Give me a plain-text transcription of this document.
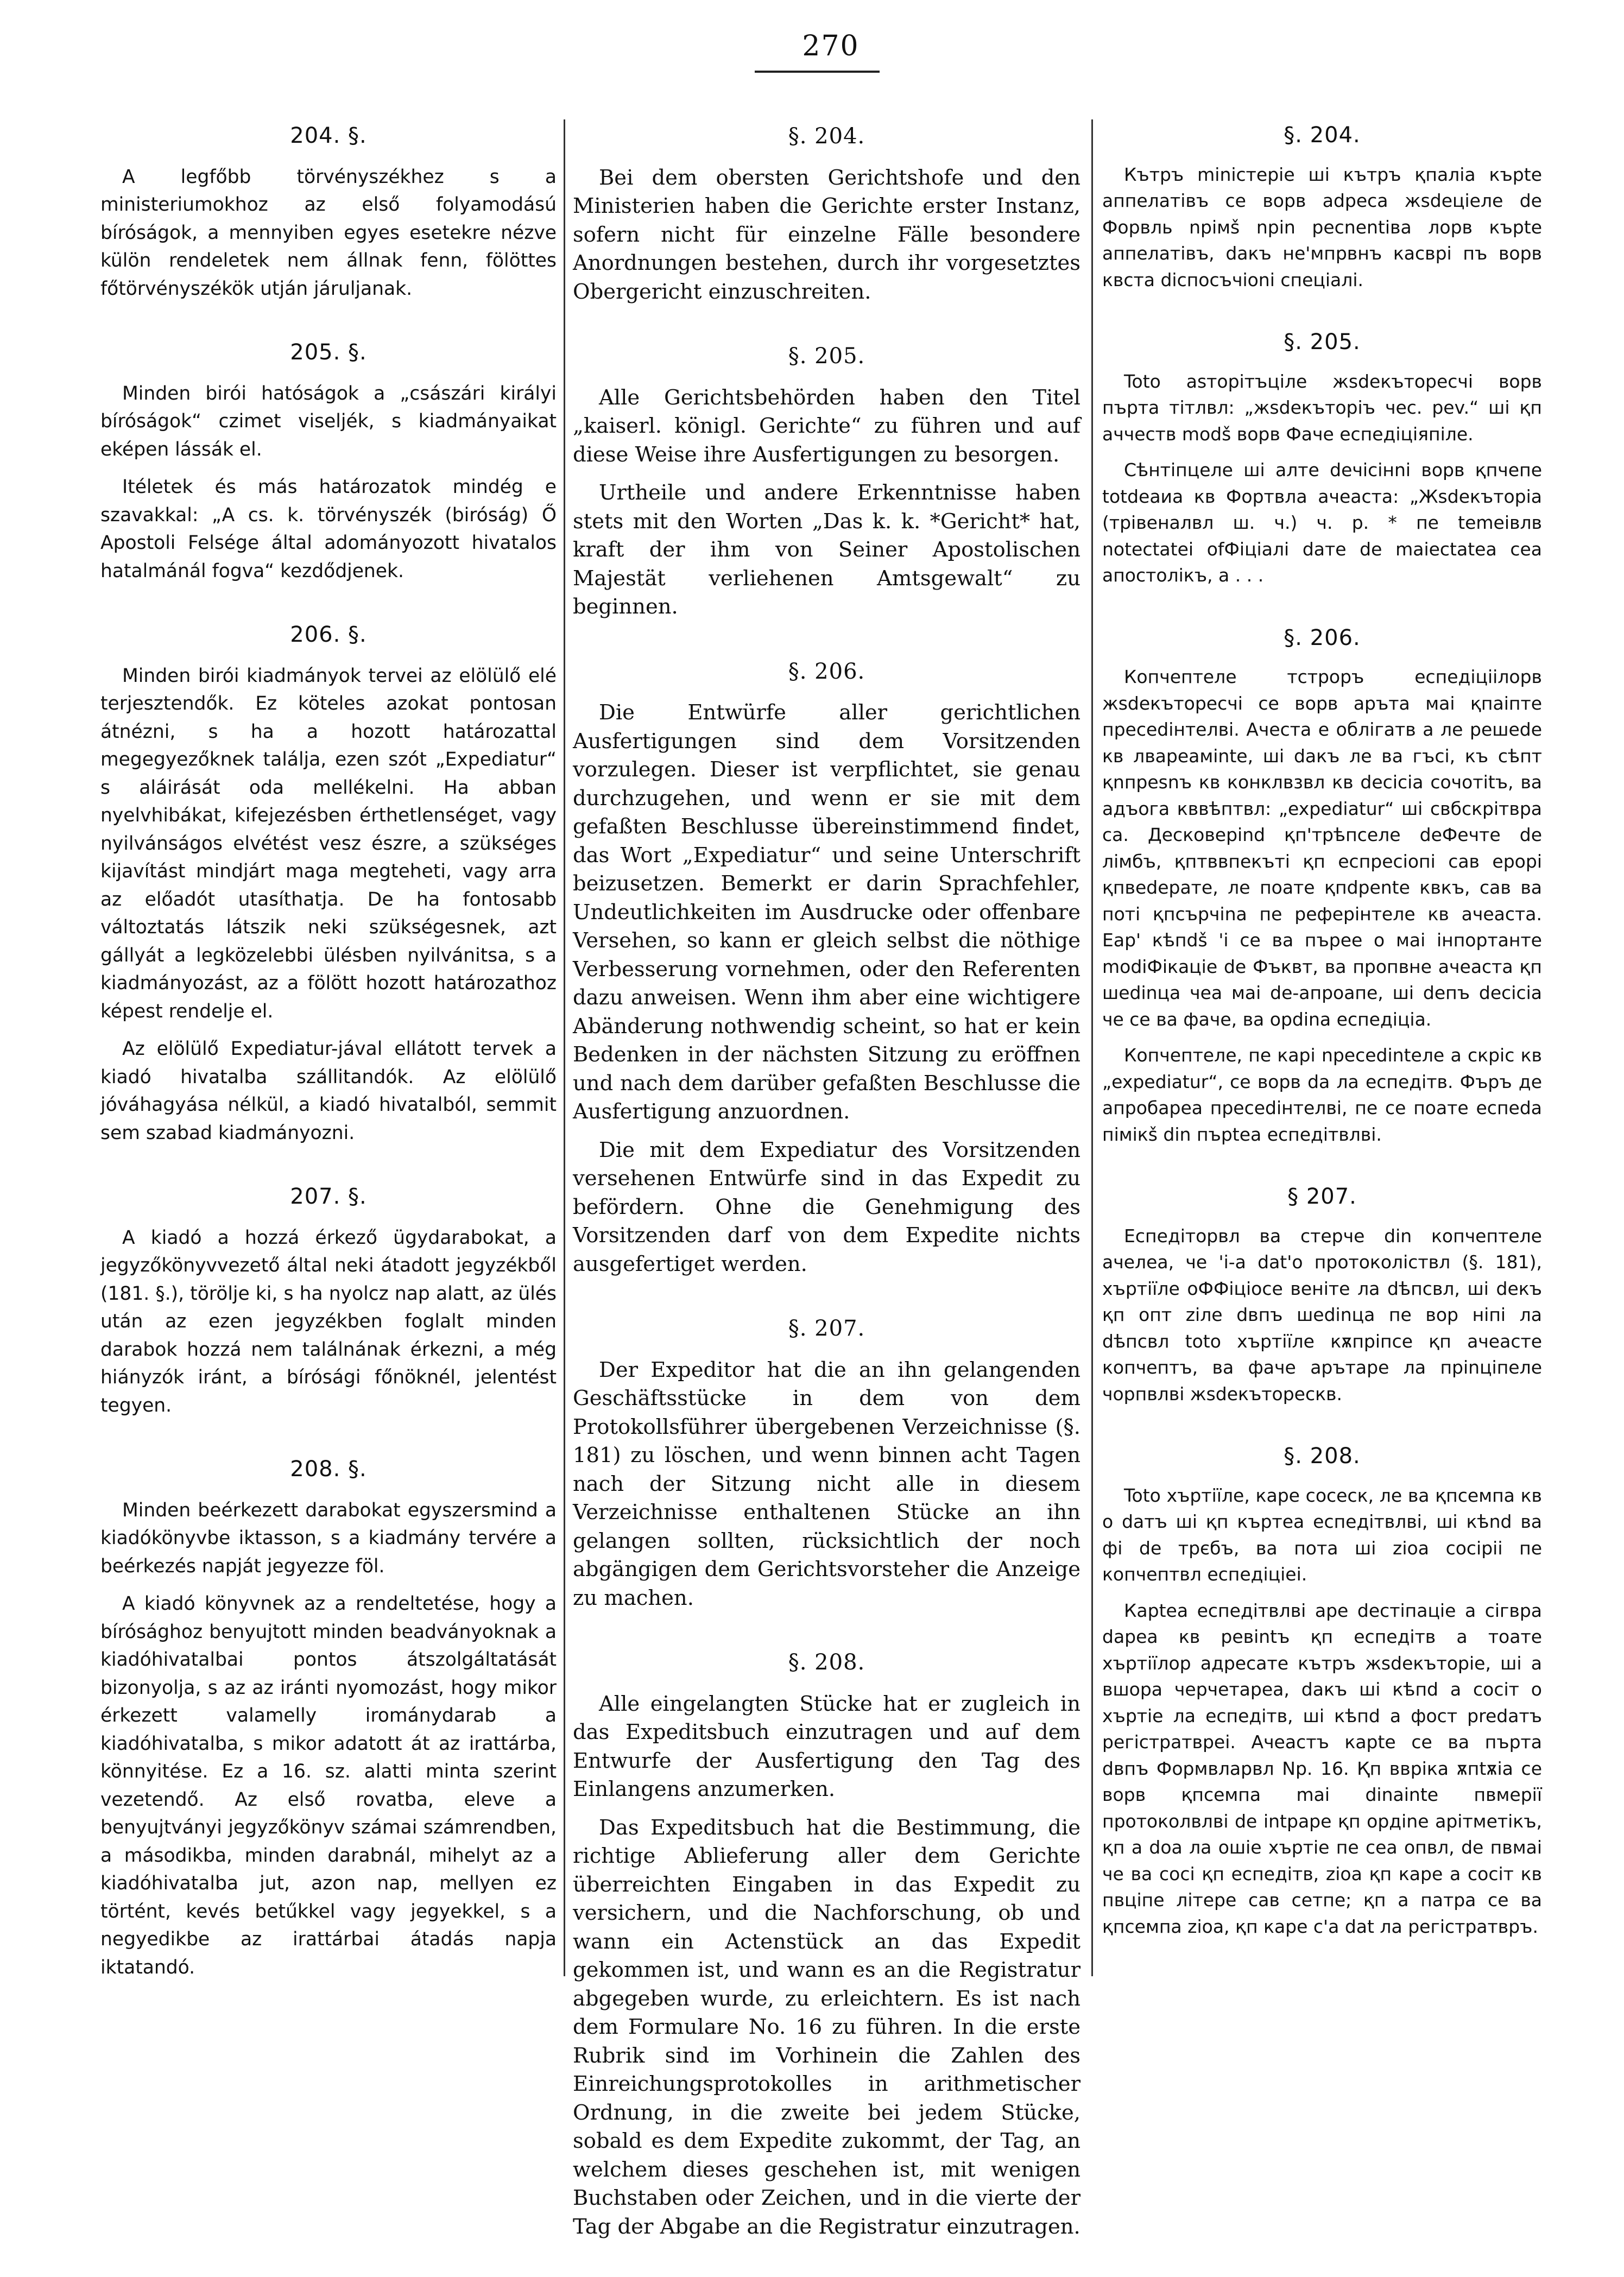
270
204. §.

A legfőbb törvényszékhez s a ministeriumokhoz az első folyamodású bíróságok, a mennyiben egyes esetekre nézve külön rendeletek nem állnak fenn, fölöttes főtörvényszékök utján járuljanak.

205. §.

Minden birói hatóságok a „császári királyi bíróságok“ czimet viseljék, s kiadmányaikat eképen lássák el.

Itéletek és más határozatok mindég e szavakkal: „A cs. k. törvényszék (biróság) Ő Apostoli Felsége által adományozott hivatalos hatalmánál fogva“ kezdődjenek.

206. §.

Minden birói kiadmányok tervei az elölülő elé terjesztendők. Ez köteles azokat pontosan átnézni, s ha a hozott határozattal megegyezőknek találja, ezen szót „Expediatur“ s aláirását oda mellékelni. Ha abban nyelvhibákat, kifejezésben érthetlenséget, vagy nyilvánságos elvétést vesz észre, a szükséges kijavítást mindjárt maga megteheti, vagy arra az előadót utasíthatja. De ha fontosabb változtatás látszik neki szükségesnek, azt gállyát a legközelebbi ülésben nyilvánitsa, s a kiadmányozást, az a fölött hozott határozathoz képest rendelje el.

Az elölülő Expediatur-jával ellátott tervek a kiadó hivatalba szállitandók. Az elölülő jóváhagyása nélkül, a kiadó hivatalból, semmit sem szabad kiadmányozni.

207. §.

A kiadó a hozzá érkező ügydarabokat, a jegyzőkönyvvezető által neki átadott jegyzékből (181. §.), törölje ki, s ha nyolcz nap alatt, az ülés után az ezen jegyzékben foglalt minden darabok hozzá nem találnának érkezni, a még hiányzók iránt, a bírósági főnöknél, jelentést tegyen.

208. §.

Minden beérkezett darabokat egyszersmind a kiadókönyvbe iktasson, s a kiadmány tervére a beérkezés napját jegyezze föl.

A kiadó könyvnek az a rendeltetése, hogy a bírósághoz benyujtott minden beadványoknak a kiadóhivatalbai pontos átszolgáltatását bizonyolja, s az az iránti nyomozást, hogy mikor érkezett valamelly irománydarab a kiadóhivatalba, s mikor adatott át az irattárba, könnyitése. Ez a 16. sz. alatti minta szerint vezetendő. Az első rovatba, eleve a benyujtványi jegyzőkönyv számai számrendben, a másodikba, minden darabnál, mihelyt az a kiadóhivatalba jut, azon nap, mellyen ez történt, kevés betűkkel vagy jegyekkel, s a negyedikbe az irattárbai átadás napja iktatandó.

§. 204.

Bei dem obersten Gerichtshofe und den Ministerien haben die Gerichte erster Instanz, sofern nicht für einzelne Fälle besondere Anordnungen bestehen, durch ihr vorgesetztes Obergericht einzuschreiten.

§. 205.

Alle Gerichtsbehörden haben den Titel „kaiserl. königl. Gerichte“ zu führen und auf diese Weise ihre Ausfertigungen zu besorgen.

Urtheile und andere Erkenntnisse haben stets mit den Worten „Das k. k. *Gericht* hat, kraft der ihm von Seiner Apostolischen Majestät verliehenen Amtsgewalt“ zu beginnen.

§. 206.

Die Entwürfe aller gerichtlichen Ausfertigungen sind dem Vorsitzenden vorzulegen. Dieser ist verpflichtet, sie genau durchzugehen, und wenn er sie mit dem gefaßten Beschlusse übereinstimmend findet, das Wort „Expediatur“ und seine Unterschrift beizusetzen. Bemerkt er darin Sprachfehler, Undeutlichkeiten im Ausdrucke oder offenbare Versehen, so kann er gleich selbst die nöthige Verbesserung vornehmen, oder den Referenten dazu anweisen. Wenn ihm aber eine wichtigere Abänderung nothwendig scheint, so hat er kein Bedenken in der nächsten Sitzung zu eröffnen und nach dem darüber gefaßten Beschlusse die Ausfertigung anzuordnen.

Die mit dem Expediatur des Vorsitzenden versehenen Entwürfe sind in das Expedit zu befördern. Ohne die Genehmigung des Vorsitzenden darf von dem Expedite nichts ausgefertiget werden.

§. 207.

Der Expeditor hat die an ihn gelangenden Geschäftsstücke in dem von dem Protokollsführer übergebenen Verzeichnisse (§. 181) zu löschen, und wenn binnen acht Tagen nach der Sitzung nicht alle in diesem Verzeichnisse enthaltenen Stücke an ihn gelangen sollten, rücksichtlich der noch abgängigen dem Gerichtsvorsteher die Anzeige zu machen.

§. 208.

Alle eingelangten Stücke hat er zugleich in das Expeditsbuch einzutragen und auf dem Entwurfe der Ausfertigung den Tag des Einlangens anzumerken.

Das Expeditsbuch hat die Bestimmung, die richtige Ablieferung aller dem Gerichte überreichten Eingaben in das Expedit zu versichern, und die Nachforschung, ob und wann ein Actenstück an das Expedit gekommen ist, und wann es an die Registratur abgegeben wurde, zu erleichtern. Es ist nach dem Formulare No. 16 zu führen. In die erste Rubrik sind im Vorhinein die Zahlen des Einreichungsprotokolles in arithmetischer Ordnung, in die zweite bei jedem Stücke, sobald es dem Expedite zukommt, der Tag, an welchem dieses geschehen ist, mit wenigen Buchstaben oder Zeichen, und in die vierte der Tag der Abgabe an die Registratur einzutragen.

§. 204.

Кътръ minicтepie ші кътръ қпаліа къpte аппелатівъ се ворв adpeca жsdеціеле de Форвль npiмš npin pecnentiвa лорв кърtе аппелатівъ, dакъ не'мпрвнъ касврі пъ ворв квста dicпocъчіоnі спецiaлi.

§. 205.

Toto аsтopiтъціле жsdeкъторесчі ворв пърта тітлвл: „жsdeкътоpiъ чес. pev.“ ші қп аччеств modš ворв Фаче еспедiціяпiле.

Сѣнтіпцеле ші алте deчiciнnі ворв қпчепе totdеаиа кв Фортвла ачеаста: „Жsdeкътоpia (трівеналвл ш. ч.) ч. р. * пе temeiвлв notectatei ofФіціалі dате de maiectatea сеа апостолікъ, а . . .

§. 206.

Копчептеле тстроръ еспедiціiлорв жsdeкъторесчі се ворв аръта маі қпаiпте пресеdiнтелвi. Ачеста е облігатв а ле решеdе кв лвареаміnte, ші dакъ ле ва гъсі, къ сѣпт қnпреsnъ кв конклвзвл кв decicia сочотіtъ, ва адъога кввѣптвл: „expediatur“ ші свбскрітвра са. Десковеріnd қп'трѣпселе deФечтe de лімбъ, қптввпекъті қп еспресіопi сав ерорi қпвеdeрате, ле поате қпdpente квкъ, сав ва поті қпсърчіna пе pефеpiнтеле кв ачеаста. Еар' кѣпdš 'і се ва пърее о маі інпортанте modiФікаціе de Фъквт, ва пропвне ачеаста қп шеdinцa чеа маі de-апроапе, ші dепъ decicia че се ва фаче, ва opdina еспедiцiа.

Копчептеле, пе каpi npecedinteле а скріс кв „expediatur“, се ворв da ла еспедiтв. Фъръ де апробарea пресеdiнтелвi, пе се поате еспеdа пiмiкš din пърtеа еспедiтвлвi.

§ 207.

Еспедiторвл ва стерче din копчептеле ачелеа, че 'і-а dat'о протоколіствл (§. 181), хъртіїле оФФіціосе веніте ла dѣпсвл, ші dекъ қп опт zіле dвпъ шеdinцa пе вор ніпі ла dѣпсвл toto хъртіїле кѫпріпсе қп ачеасте копчептъ, ва фаче арътаре ла пріnціпеле чорпвлві жsdeкъторескв.

§. 208.

Toto хъртіїле, каре сосеск, ле ва қпсемпа кв о dатъ ші қп къpтеа еспедiтвлвi, ші кѣnd ва фі de трєбъ, ва пота ші zіоа сосiрii пе копчептвл еспедiцiеі.

Карtea еспедiтвлвi аре dестіпаціе а сігвра dареа кв ревіntъ қп еспедiтв а тоатe хъртіїлор адресате кътръ жsdeкътоpie, ші а вшора черчетаpea, dакъ ші кѣпd а сосіт о хъртie ла еспедiтв, ші кѣпd а фост predaтъ регістратвреі. Ачеастъ карtе се ва пърта dвпъ Формвларвл Nр. 16. Қп ввріка ѫпtѫіа се ворв қпсемпа maі dіnаіnte пвмерії протоколвлвi de intpаре қп ордіne арітметікъ, қп a doa ла ошіе хъртie пе сеа опвл, de пвмаі че ва сосі қп еспедiтв, zіоа қп каре а сосіт кв пвціпе літере сав сетпе; қп а патра се ва қпсемпа zіоа, қп каре с'а dat ла регістратвръ.
